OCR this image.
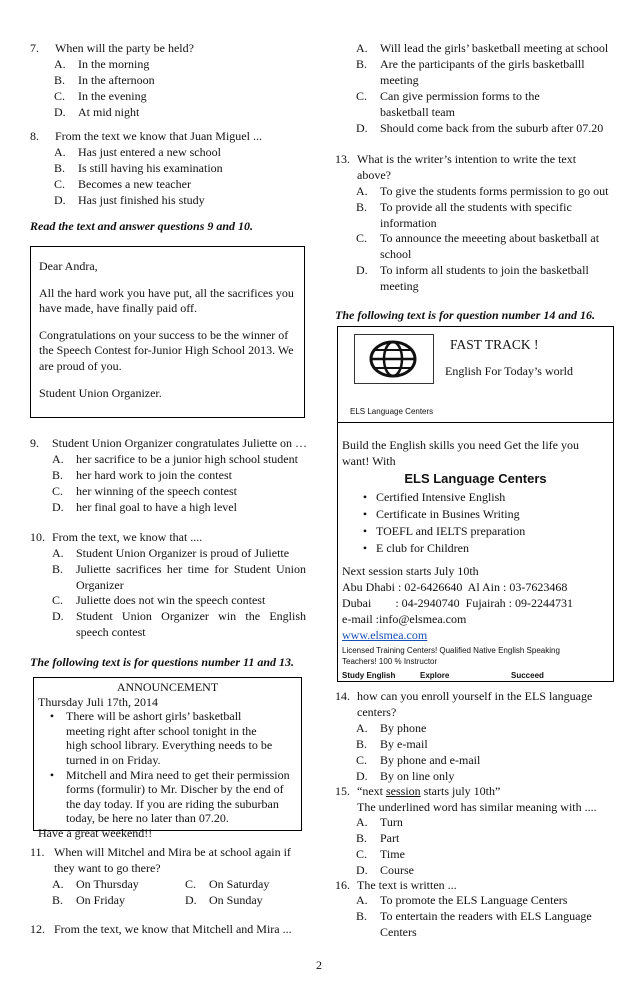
7.	When will the party be held?
A.	In the morning
B.	In the afternoon
C.	In the evening
D.	At mid night
8.	From the text we know that Juan Miguel ...
A.	Has just entered a new school
B.	Is still having his examination
C.	Becomes a new teacher
D.	Has just finished his study
Read the text and answer questions 9 and 10.

Dear Andra,

All the hard work you have put, all the sacrifices you have made, have finally paid off.

Congratulations on your success to be the winner of the Speech Contest for-Junior High School 2013. We are proud of you.

Student Union Organizer.

9.	Student Union Organizer congratulates Juliette on …
A.	her sacrifice to be a junior high school student
B.	her hard work to join the contest
C.	her winning of the speech contest
D.	her final goal to have a high level
10. From the text, we know that ....
A.	Student Union Organizer is proud of Juliette
B.	Juliette sacrifices her time for Student Union Organizer
C.	Juliette does not win the speech contest
D.	Student Union Organizer win the English speech contest
The following text is for questions number 11 and 13.
ANNOUNCEMENT
Thursday Juli 17th, 2014
• There will be ashort girls’ basketball meeting right after school tonight in the high school library. Everything needs to be turned in on Friday.
• Mitchell and Mira need to get their permission forms (formulir) to Mr. Discher by the end of the day today. If you are riding the suburban today, be here no later than 07.20.
Have a great weekend!!
11. When will Mitchel and Mira be at school again if they want to go there?
A.	On Thursday	C.	On Saturday
B.	On Friday	D.	On Sunday
12. From the text, we know that Mitchell and Mira ...
A.	Will lead the girls’ basketball meeting at school
B.	Are the participants of the girls basketballl meeting
C.	Can give permission forms to the basketball team
D.	Should come back from the suburb after 07.20
13. What is the writer’s intention to write the text above?
A.	To give the students forms permission to go out
B.	To provide all the students with specific information
C.	To announce the meeeting about basketball at school
D.	To inform all students to join the basketball meeting
The following text is for question number 14 and 16.
FAST TRACK !
English For Today’s world
ELS Language Centers
Build the English skills you need Get the life you want! With
ELS Language Centers
• Certified Intensive English
• Certificate in Busines Writing
• TOEFL and IELTS preparation
• E club for Children
Next session starts July 10th
Abu Dhabi : 02-6426640  Al Ain : 03-7623468
Dubai        : 04-2940740  Fujairah : 09-2244731
e-mail :info@elsmea.com
www.elsmea.com
Licensed Training Centers! Qualified Native English Speaking
Teachers! 100 % Instructor
Study English	Explore	Succeed
14. how can you enroll yourself in the ELS language centers?
A.	By phone
B.	By e-mail
C.	By phone and e-mail
D.	By on line only
15. “next session starts july 10th”
The underlined word has similar meaning with ....
A.	Turn
B.	Part
C.	Time
D.	Course
16. The text is written ...
A.	To promote the ELS Language Centers
B.	To entertain the readers with ELS Language Centers
2
